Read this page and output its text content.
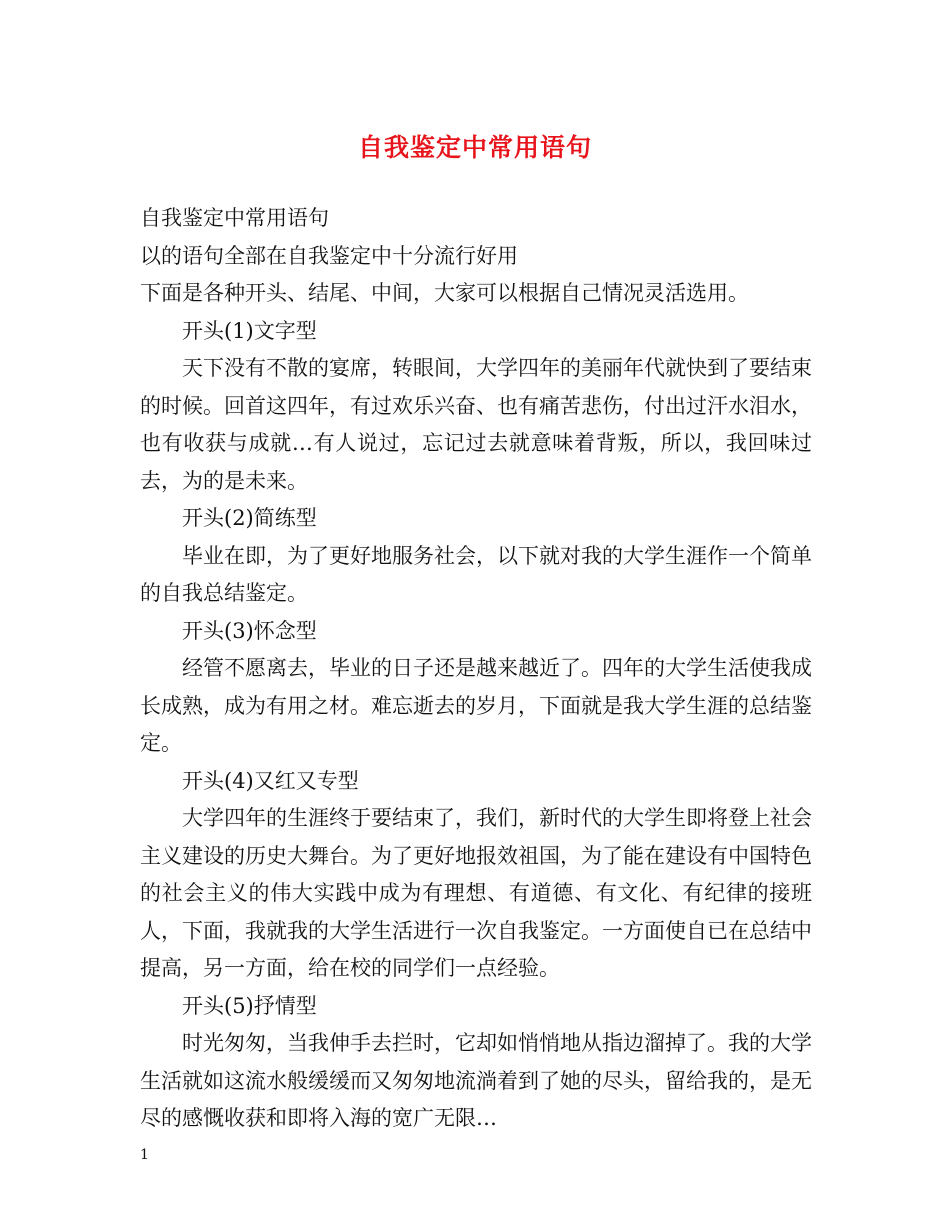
自我鉴定中常用语句

自我鉴定中常用语句

以的语句全部在自我鉴定中十分流行好用

下面是各种开头、结尾、中间，大家可以根据自己情况灵活选用。

开头(1)文字型

天下没有不散的宴席，转眼间，大学四年的美丽年代就快到了要结束的时候。回首这四年，有过欢乐兴奋、也有痛苦悲伤，付出过汗水泪水，也有收获与成就…有人说过，忘记过去就意味着背叛，所以，我回味过去，为的是未来。

开头(2)简练型

毕业在即，为了更好地服务社会，以下就对我的大学生涯作一个简单的自我总结鉴定。

开头(3)怀念型

经管不愿离去，毕业的日子还是越来越近了。四年的大学生活使我成长成熟，成为有用之材。难忘逝去的岁月，下面就是我大学生涯的总结鉴定。

开头(4)又红又专型

大学四年的生涯终于要结束了，我们，新时代的大学生即将登上社会主义建设的历史大舞台。为了更好地报效祖国，为了能在建设有中国特色的社会主义的伟大实践中成为有理想、有道德、有文化、有纪律的接班人，下面，我就我的大学生活进行一次自我鉴定。一方面使自已在总结中提高，另一方面，给在校的同学们一点经验。

开头(5)抒情型

时光匆匆，当我伸手去拦时，它却如悄悄地从指边溜掉了。我的大学生活就如这流水般缓缓而又匆匆地流淌着到了她的尽头，留给我的，是无尽的感慨收获和即将入海的宽广无限…

1
